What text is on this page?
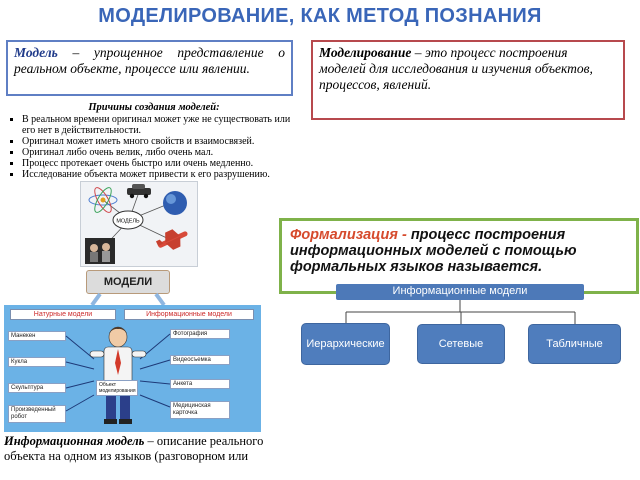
МОДЕЛИРОВАНИЕ, КАК МЕТОД ПОЗНАНИЯ
Модель – упрощенное представление о реальном объекте, процессе или явлении.
Моделирование – это процесс построения моделей для исследования и изучения объектов, процессов, явлений.
Причины создания моделей:
▪ В реальном времени оригинал может уже не существовать или его нет в действительности.
▪ Оригинал может иметь много свойств и взаимосвязей.
▪ Оригинал либо очень велик, либо очень мал.
▪ Процесс протекает очень быстро или очень медленно.
▪ Исследование объекта может привести к его разрушению.
МОДЕЛЬ
МОДЕЛИ
Формализация - процесс построения информационных моделей с помощью формальных языков называется.
Информационные модели
Иерархические	Сетевые	Табличные
Натурные модели	Информационные модели
Манекен
Кукла
Скульптура
Произведенный робот
Фотография
Видеосъемка
Анкета
Медицинская карточка
Объект моделирования
Информационная модель – описание реального объекта на одном из языков (разговорном или
